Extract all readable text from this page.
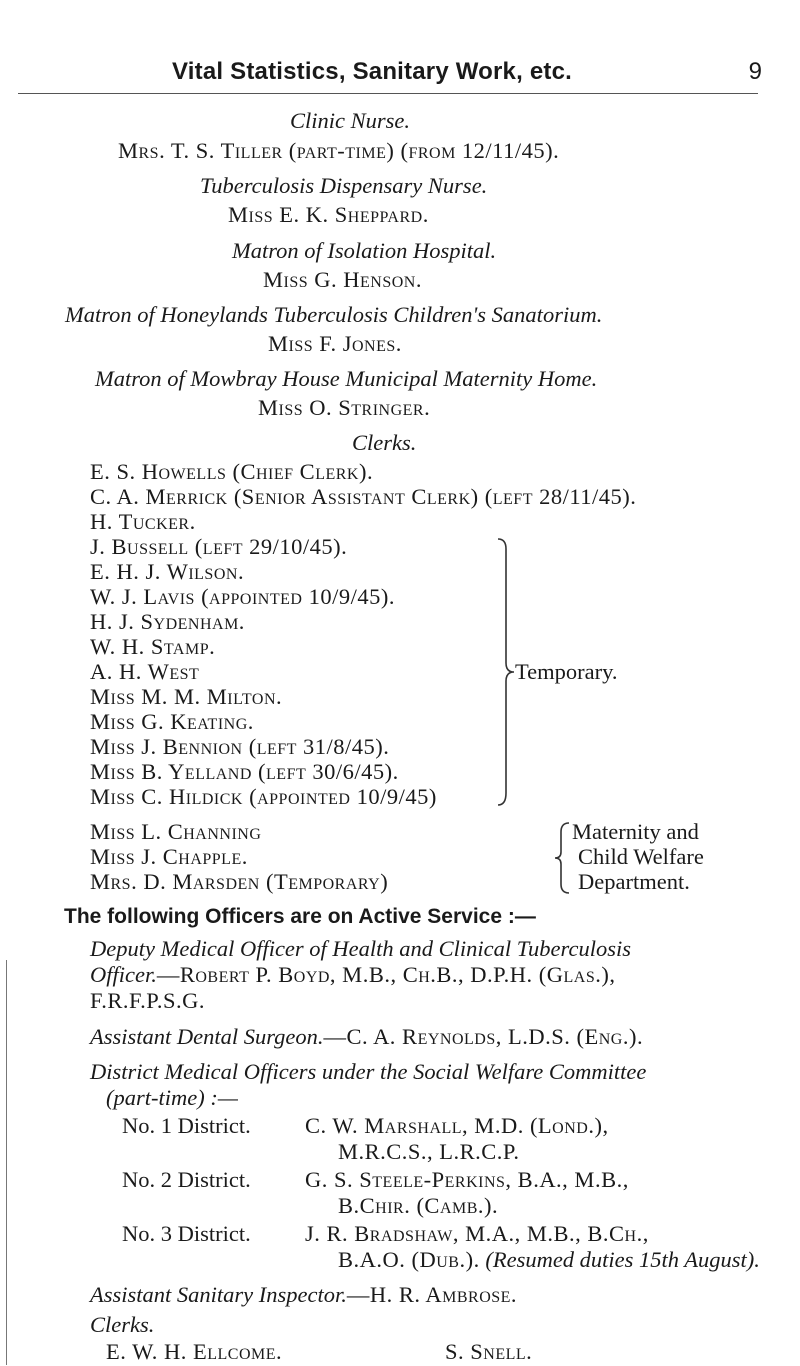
Vital Statistics, Sanitary Work, etc.	9
Clinic Nurse.
Mrs. T. S. Tiller (part-time) (from 12/11/45).
Tuberculosis Dispensary Nurse.
Miss E. K. Sheppard.
Matron of Isolation Hospital.
Miss G. Henson.
Matron of Honeylands Tuberculosis Children's Sanatorium.
Miss F. Jones.
Matron of Mowbray House Municipal Maternity Home.
Miss O. Stringer.
Clerks.
E. S. Howells (Chief Clerk).
C. A. Merrick (Senior Assistant Clerk) (left 28/11/45).
H. Tucker.
J. Bussell (left 29/10/45).
E. H. J. Wilson.
W. J. Lavis (appointed 10/9/45).
H. J. Sydenham.
W. H. Stamp.
A. H. West
Miss M. M. Milton.
Miss G. Keating.
Miss J. Bennion (left 31/8/45).
Miss B. Yelland (left 30/6/45).
Miss C. Hildick (appointed 10/9/45)
Temporary.
Miss L. Channing
Miss J. Chapple.
Mrs. D. Marsden (Temporary)
Maternity and
Child Welfare
Department.
The following Officers are on Active Service :—
Deputy Medical Officer of Health and Clinical Tuberculosis
Officer.—Robert P. Boyd, M.B., Ch.B., D.P.H. (Glas.),
F.R.F.P.S.G.
Assistant Dental Surgeon.—C. A. Reynolds, L.D.S. (Eng.).
District Medical Officers under the Social Welfare Committee
(part-time) :—
No. 1 District. C. W. Marshall, M.D. (Lond.),
M.R.C.S., L.R.C.P.
No. 2 District. G. S. Steele-Perkins, B.A., M.B.,
B.Chir. (Camb.).
No. 3 District. J. R. Bradshaw, M.A., M.B., B.Ch.,
B.A.O. (Dub.). (Resumed duties 15th August).
Assistant Sanitary Inspector.—H. R. Ambrose.
Clerks.
E. W. H. Ellcome.	S. Snell.
